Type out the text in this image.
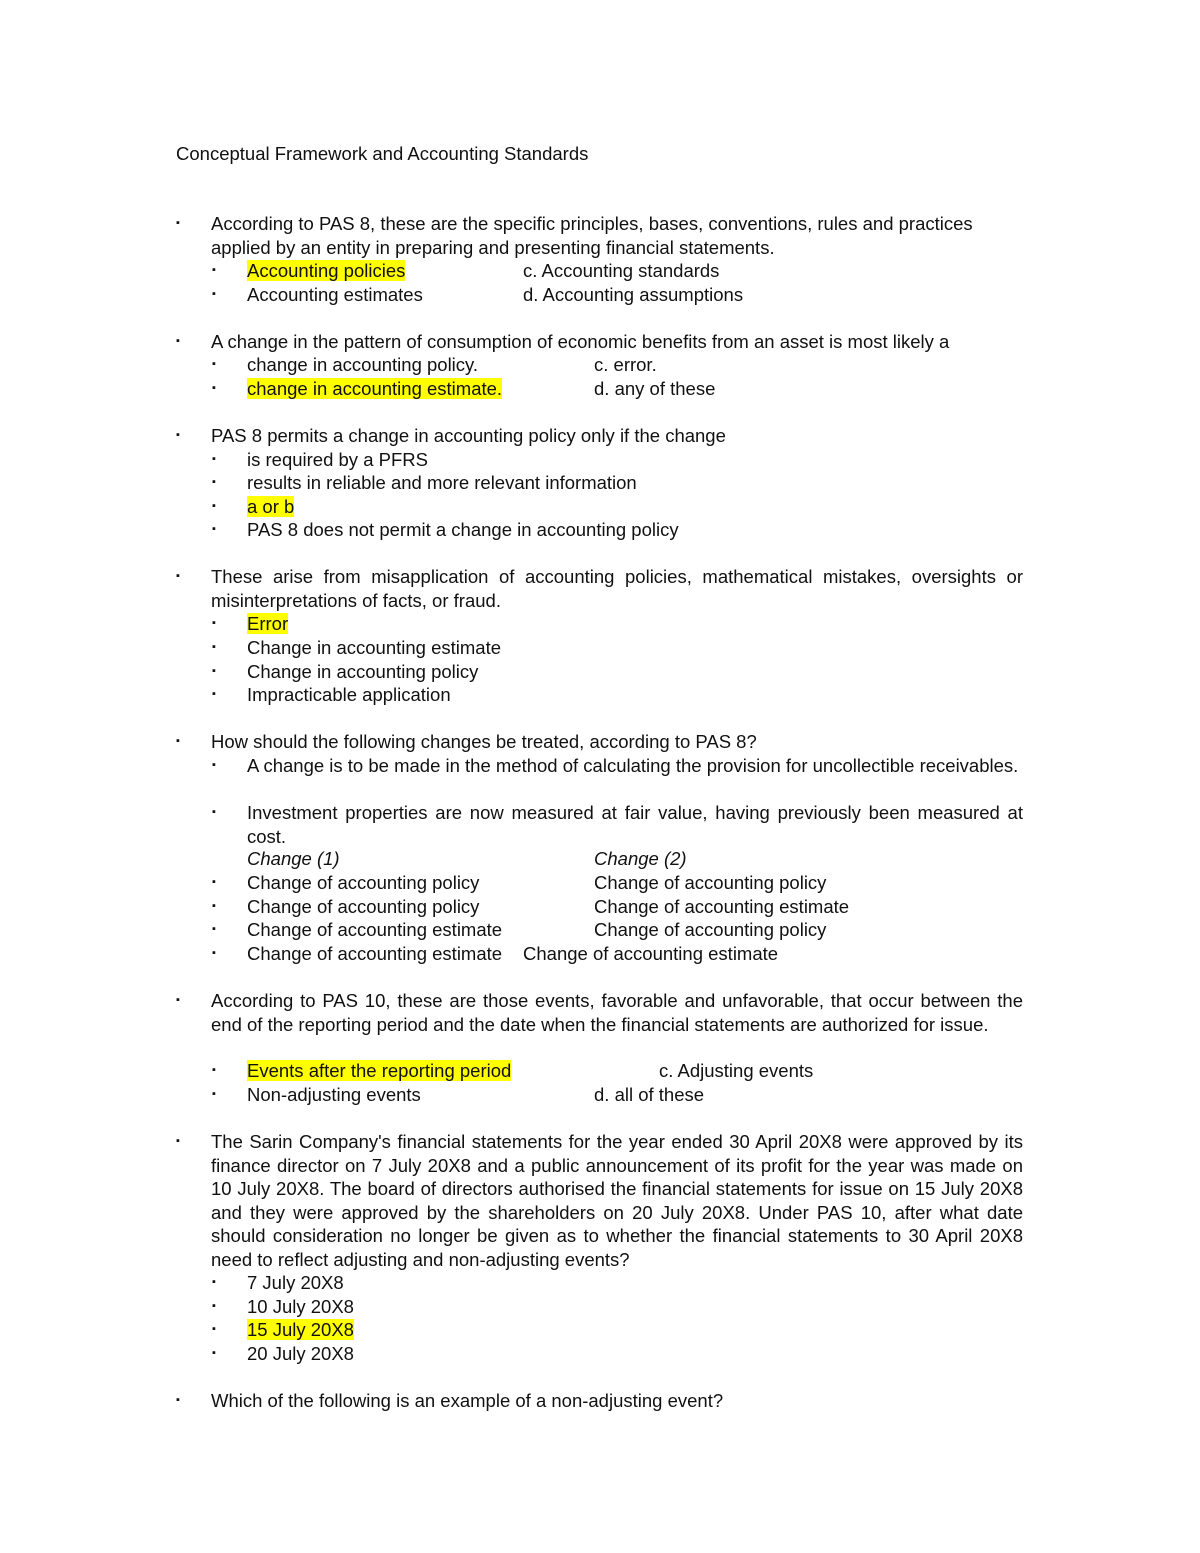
Conceptual Framework and Accounting Standards
▪ According to PAS 8, these are the specific principles, bases, conventions, rules and practices
applied by an entity in preparing and presenting financial statements.
▪ Accounting policies	c. Accounting standards
▪ Accounting estimates	d. Accounting assumptions
▪ A change in the pattern of consumption of economic benefits from an asset is most likely a
▪ change in accounting policy.	c. error.
▪ change in accounting estimate.	d. any of these
▪ PAS 8 permits a change in accounting policy only if the change
▪ is required by a PFRS
▪ results in reliable and more relevant information
▪ a or b
▪ PAS 8 does not permit a change in accounting policy
▪ These arise from misapplication of accounting policies, mathematical mistakes, oversights or misinterpretations of facts, or fraud.
▪ Error
▪ Change in accounting estimate
▪ Change in accounting policy
▪ Impracticable application
▪ How should the following changes be treated, according to PAS 8?
▪ A change is to be made in the method of calculating the provision for uncollectible receivables.
▪ Investment properties are now measured at fair value, having previously been measured at cost.
Change (1)	Change (2)
▪ Change of accounting policy	Change of accounting policy
▪ Change of accounting policy	Change of accounting estimate
▪ Change of accounting estimate	Change of accounting policy
▪ Change of accounting estimate Change of accounting estimate
▪ According to PAS 10, these are those events, favorable and unfavorable, that occur between the end of the reporting period and the date when the financial statements are authorized for issue.
▪ Events after the reporting period	c. Adjusting events
▪ Non-adjusting events	d. all of these
▪ The Sarin Company's financial statements for the year ended 30 April 20X8 were approved by its finance director on 7 July 20X8 and a public announcement of its profit for the year was made on 10 July 20X8. The board of directors authorised the financial statements for issue on 15 July 20X8 and they were approved by the shareholders on 20 July 20X8. Under PAS 10, after what date should consideration no longer be given as to whether the financial statements to 30 April 20X8 need to reflect adjusting and non-adjusting events?
▪ 7 July 20X8
▪ 10 July 20X8
▪ 15 July 20X8
▪ 20 July 20X8
▪ Which of the following is an example of a non-adjusting event?
